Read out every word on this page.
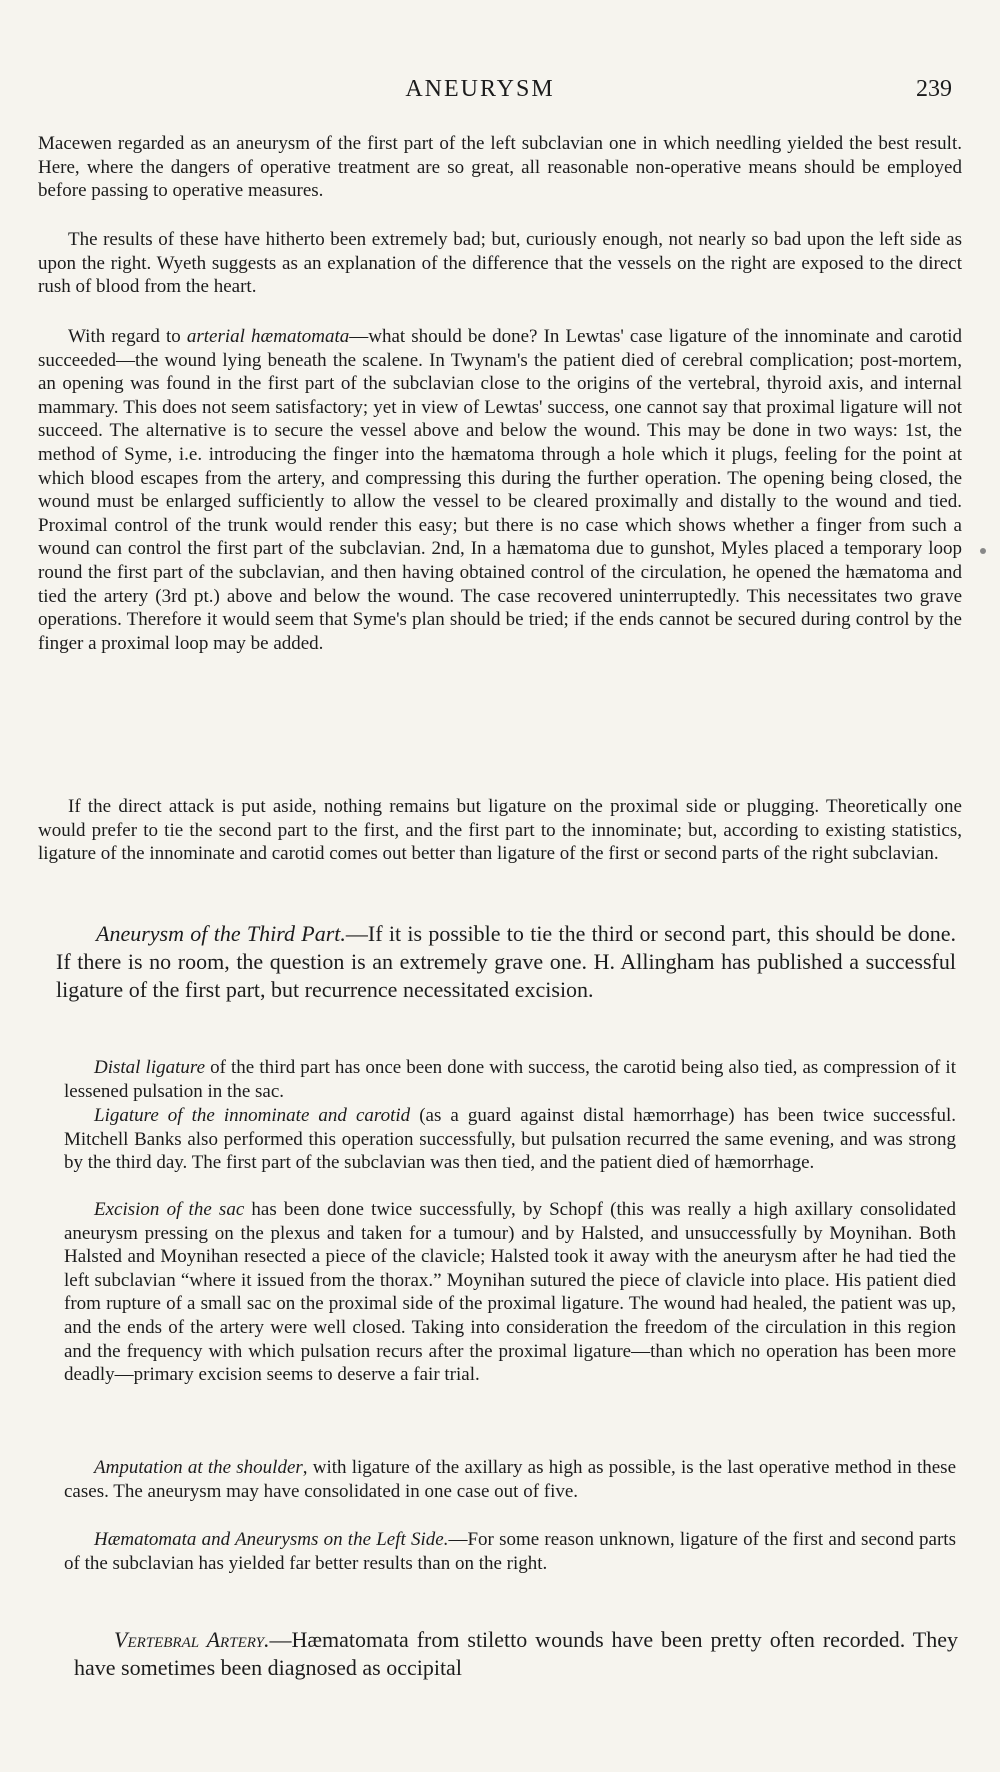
ANEURYSM	239

Macewen regarded as an aneurysm of the first part of the left subclavian one in which needling yielded the best result. Here, where the dangers of operative treatment are so great, all reasonable non-operative means should be employed before passing to operative measures.

The results of these have hitherto been extremely bad; but, curiously enough, not nearly so bad upon the left side as upon the right. Wyeth suggests as an explanation of the difference that the vessels on the right are exposed to the direct rush of blood from the heart.

With regard to arterial hæmatomata—what should be done? In Lewtas' case ligature of the innominate and carotid succeeded—the wound lying beneath the scalene. In Twynam's the patient died of cerebral complication; post-mortem, an opening was found in the first part of the subclavian close to the origins of the vertebral, thyroid axis, and internal mammary. This does not seem satisfactory; yet in view of Lewtas' success, one cannot say that proximal ligature will not succeed. The alternative is to secure the vessel above and below the wound. This may be done in two ways: 1st, the method of Syme, i.e. introducing the finger into the hæmatoma through a hole which it plugs, feeling for the point at which blood escapes from the artery, and compressing this during the further operation. The opening being closed, the wound must be enlarged sufficiently to allow the vessel to be cleared proximally and distally to the wound and tied. Proximal control of the trunk would render this easy; but there is no case which shows whether a finger from such a wound can control the first part of the subclavian. 2nd, In a hæmatoma due to gunshot, Myles placed a temporary loop round the first part of the subclavian, and then having obtained control of the circulation, he opened the hæmatoma and tied the artery (3rd pt.) above and below the wound. The case recovered uninterruptedly. This necessitates two grave operations. Therefore it would seem that Syme's plan should be tried; if the ends cannot be secured during control by the finger a proximal loop may be added.

If the direct attack is put aside, nothing remains but ligature on the proximal side or plugging. Theoretically one would prefer to tie the second part to the first, and the first part to the innominate; but, according to existing statistics, ligature of the innominate and carotid comes out better than ligature of the first or second parts of the right subclavian.

Aneurysm of the Third Part.—If it is possible to tie the third or second part, this should be done. If there is no room, the question is an extremely grave one. H. Allingham has published a successful ligature of the first part, but recurrence necessitated excision.

Distal ligature of the third part has once been done with success, the carotid being also tied, as compression of it lessened pulsation in the sac.

Ligature of the innominate and carotid (as a guard against distal hæmorrhage) has been twice successful. Mitchell Banks also performed this operation successfully, but pulsation recurred the same evening, and was strong by the third day. The first part of the subclavian was then tied, and the patient died of hæmorrhage.

Excision of the sac has been done twice successfully, by Schopf (this was really a high axillary consolidated aneurysm pressing on the plexus and taken for a tumour) and by Halsted, and unsuccessfully by Moynihan. Both Halsted and Moynihan resected a piece of the clavicle; Halsted took it away with the aneurysm after he had tied the left subclavian “where it issued from the thorax.” Moynihan sutured the piece of clavicle into place. His patient died from rupture of a small sac on the proximal side of the proximal ligature. The wound had healed, the patient was up, and the ends of the artery were well closed. Taking into consideration the freedom of the circulation in this region and the frequency with which pulsation recurs after the proximal ligature—than which no operation has been more deadly—primary excision seems to deserve a fair trial.

Amputation at the shoulder, with ligature of the axillary as high as possible, is the last operative method in these cases. The aneurysm may have consolidated in one case out of five.

Hæmatomata and Aneurysms on the Left Side.—For some reason unknown, ligature of the first and second parts of the subclavian has yielded far better results than on the right.

Vertebral Artery.—Hæmatomata from stiletto wounds have been pretty often recorded. They have sometimes been diagnosed as occipital
